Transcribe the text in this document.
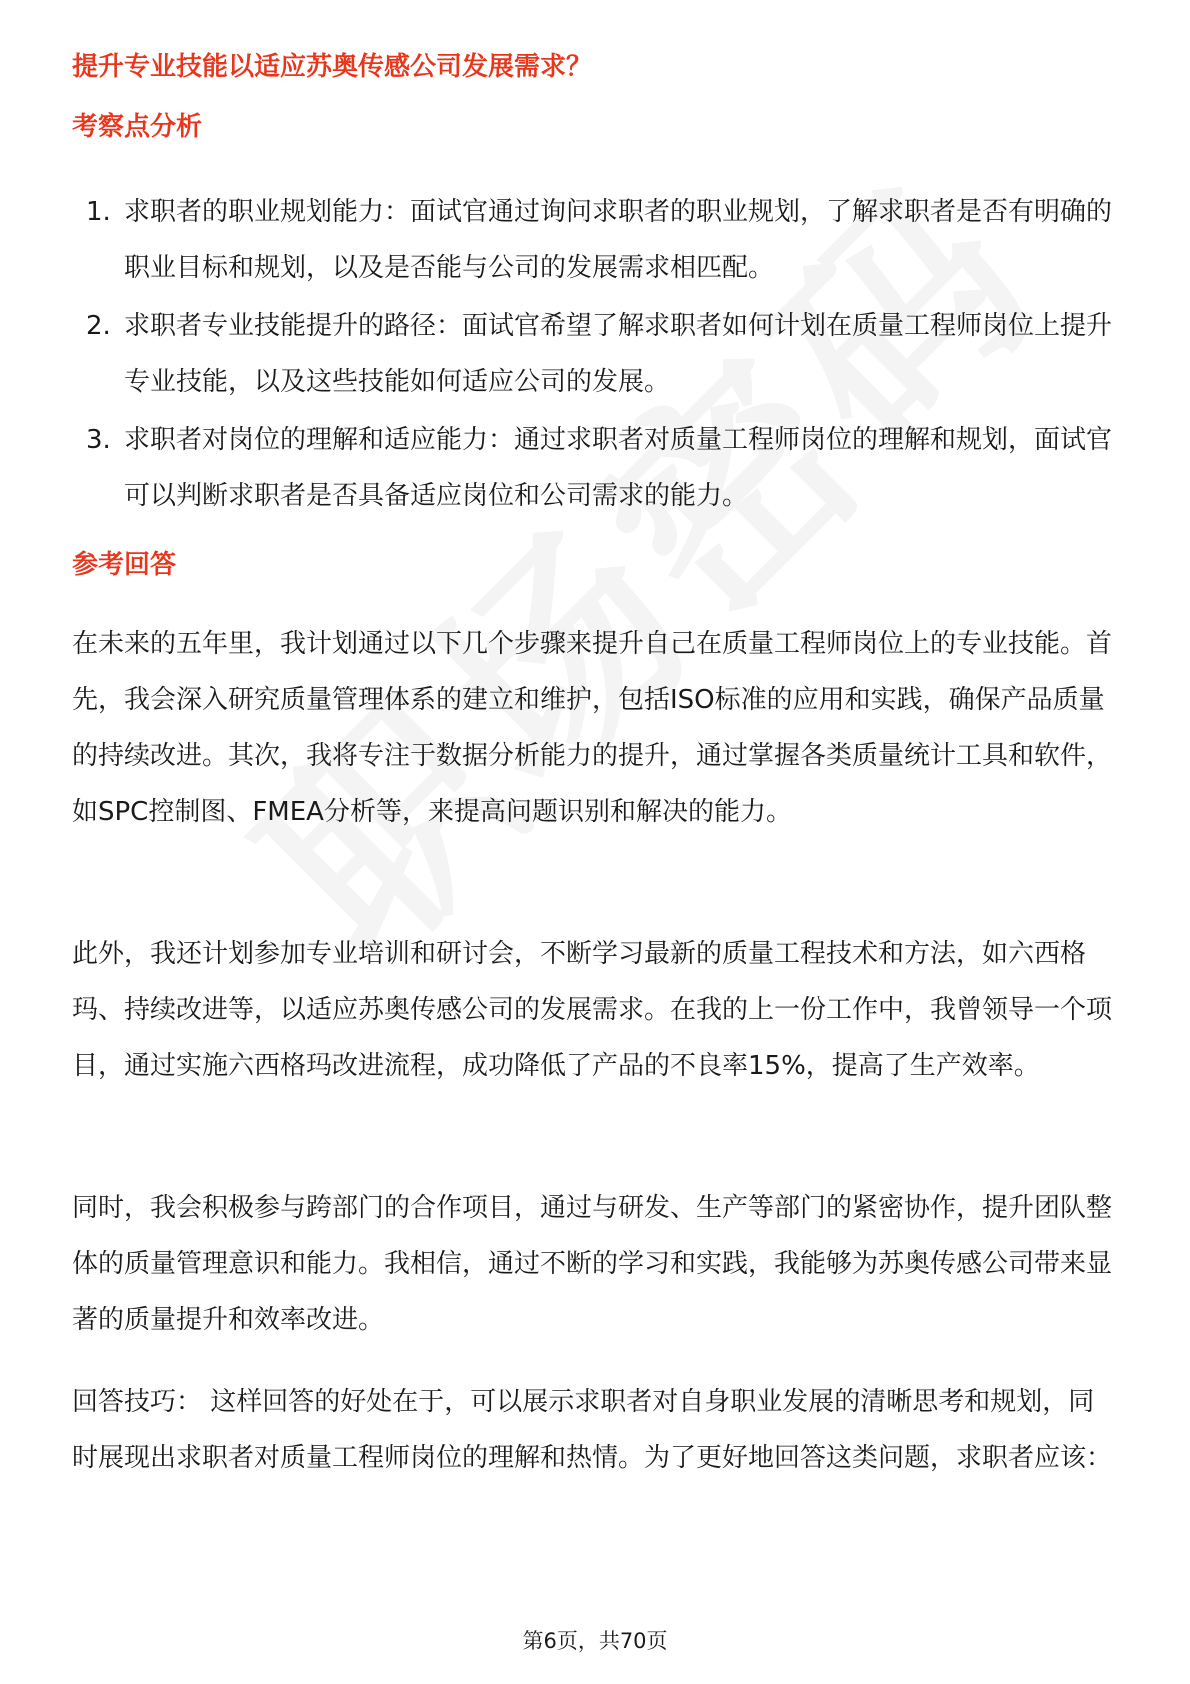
提升专业技能以适应苏奥传感公司发展需求？
考察点分析
1. 求职者的职业规划能力：面试官通过询问求职者的职业规划，了解求职者是否有明确的职业目标和规划，以及是否能与公司的发展需求相匹配。
2. 求职者专业技能提升的路径：面试官希望了解求职者如何计划在质量工程师岗位上提升专业技能，以及这些技能如何适应公司的发展。
3. 求职者对岗位的理解和适应能力：通过求职者对质量工程师岗位的理解和规划，面试官可以判断求职者是否具备适应岗位和公司需求的能力。
参考回答

在未来的五年里，我计划通过以下几个步骤来提升自己在质量工程师岗位上的专业技能。首先，我会深入研究质量管理体系的建立和维护，包括ISO标准的应用和实践，确保产品质量的持续改进。其次，我将专注于数据分析能力的提升，通过掌握各类质量统计工具和软件，如SPC控制图、FMEA分析等，来提高问题识别和解决的能力。

此外，我还计划参加专业培训和研讨会，不断学习最新的质量工程技术和方法，如六西格玛、持续改进等，以适应苏奥传感公司的发展需求。在我的上一份工作中，我曾领导一个项目，通过实施六西格玛改进流程，成功降低了产品的不良率15%，提高了生产效率。

同时，我会积极参与跨部门的合作项目，通过与研发、生产等部门的紧密协作，提升团队整体的质量管理意识和能力。我相信，通过不断的学习和实践，我能够为苏奥传感公司带来显著的质量提升和效率改进。

回答技巧： 这样回答的好处在于，可以展示求职者对自身职业发展的清晰思考和规划，同时展现出求职者对质量工程师岗位的理解和热情。为了更好地回答这类问题，求职者应该：

第6页，共70页
